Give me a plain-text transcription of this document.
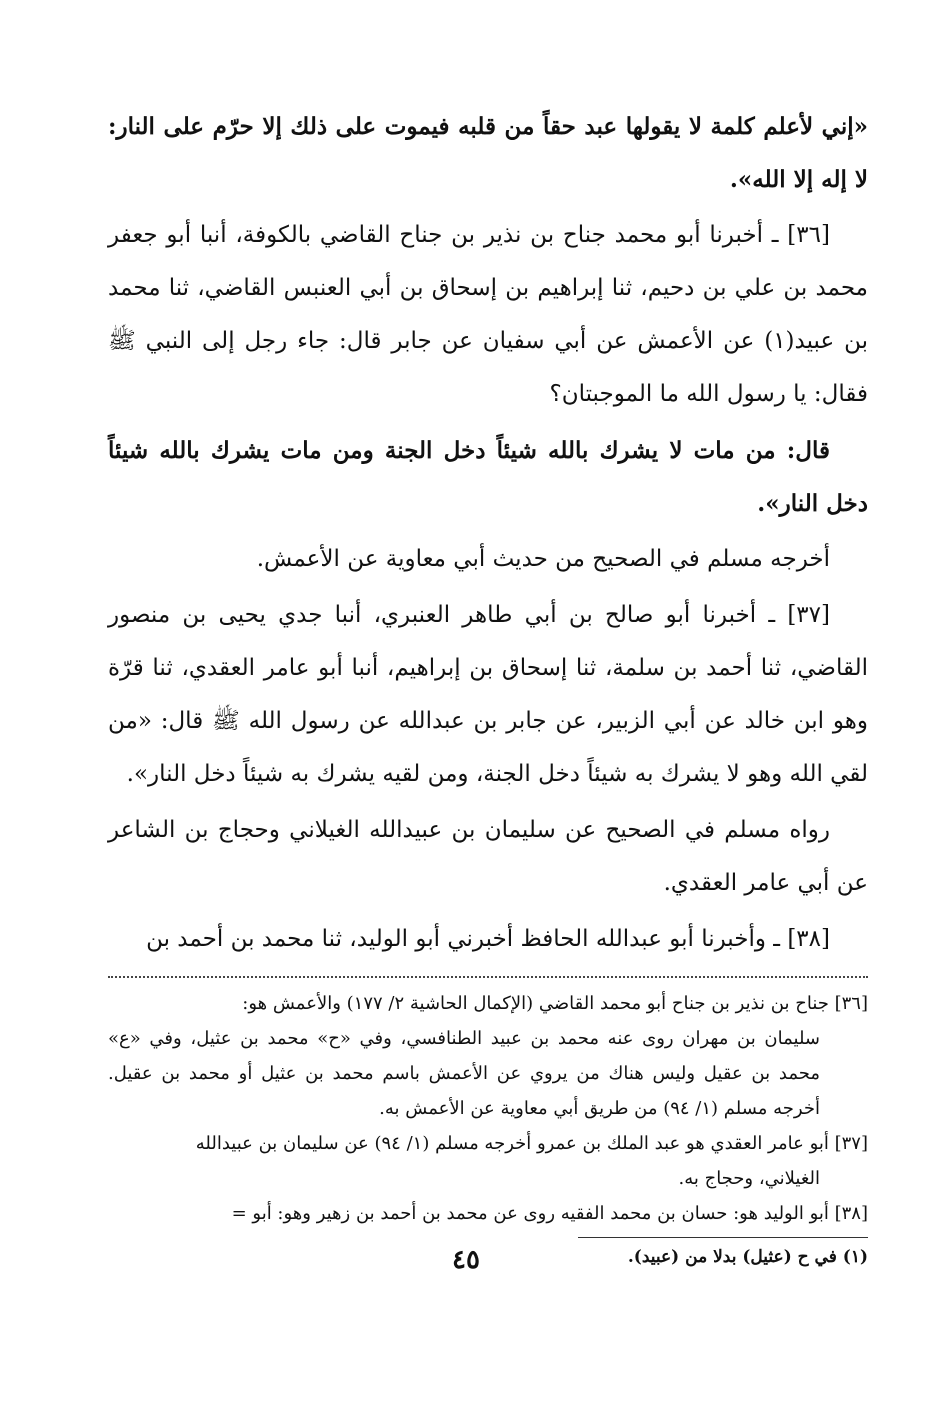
«إني لأعلم كلمة لا يقولها عبد حقاً من قلبه فيموت على ذلك إلا حرّم على النار: لا إله إلا الله».

[٣٦] ـ أخبرنا أبو محمد جناح بن نذير بن جناح القاضي بالكوفة، أنبا أبو جعفر محمد بن علي بن دحيم، ثنا إبراهيم بن إسحاق بن أبي العنبس القاضي، ثنا محمد بن عبيد(١) عن الأعمش عن أبي سفيان عن جابر قال: جاء رجل إلى النبي ﷺ فقال: يا رسول الله ما الموجبتان؟

قال: من مات لا يشرك بالله شيئاً دخل الجنة ومن مات يشرك بالله شيئاً دخل النار».

أخرجه مسلم في الصحيح من حديث أبي معاوية عن الأعمش.

[٣٧] ـ أخبرنا أبو صالح بن أبي طاهر العنبري، أنبا جدي يحيى بن منصور القاضي، ثنا أحمد بن سلمة، ثنا إسحاق بن إبراهيم، أنبا أبو عامر العقدي، ثنا قرّة وهو ابن خالد عن أبي الزبير، عن جابر بن عبدالله عن رسول الله ﷺ قال: «من لقي الله وهو لا يشرك به شيئاً دخل الجنة، ومن لقيه يشرك به شيئاً دخل النار».

رواه مسلم في الصحيح عن سليمان بن عبيدالله الغيلاني وحجاج بن الشاعر عن أبي عامر العقدي.

[٣٨] ـ وأخبرنا أبو عبدالله الحافظ أخبرني أبو الوليد، ثنا محمد بن أحمد بن

[٣٦] جناح بن نذير بن جناح أبو محمد القاضي (الإكمال الحاشية ٢/ ١٧٧) والأعمش هو:

سليمان بن مهران روى عنه محمد بن عبيد الطنافسي، وفي «ح» محمد بن عثيل، وفي «ع» محمد بن عقيل وليس هناك من يروي عن الأعمش باسم محمد بن عثيل أو محمد بن عقيل. أخرجه مسلم (١/ ٩٤) من طريق أبي معاوية عن الأعمش به.

[٣٧] أبو عامر العقدي هو عبد الملك بن عمرو أخرجه مسلم (١/ ٩٤) عن سليمان بن عبيدالله

الغيلاني، وحجاج به.

[٣٨] أبو الوليد هو: حسان بن محمد الفقيه روى عن محمد بن أحمد بن زهير وهو: أبو =

(١) في ح (عثيل) بدلا من (عبيد).

٤٥
